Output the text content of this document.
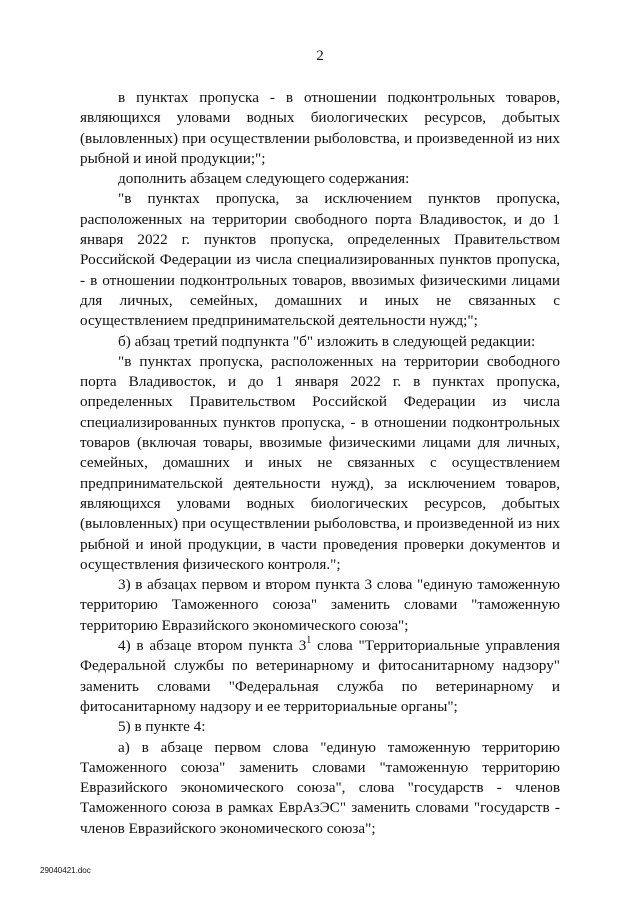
2

в пунктах пропуска - в отношении подконтрольных товаров, являющихся уловами водных биологических ресурсов, добытых (выловленных) при осуществлении рыболовства, и произведенной из них рыбной и иной продукции;";

дополнить абзацем следующего содержания:

"в пунктах пропуска, за исключением пунктов пропуска, расположенных на территории свободного порта Владивосток, и до 1 января 2022 г. пунктов пропуска, определенных Правительством Российской Федерации из числа специализированных пунктов пропуска, - в отношении подконтрольных товаров, ввозимых физическими лицами для личных, семейных, домашних и иных не связанных с осуществлением предпринимательской деятельности нужд;";

б) абзац третий подпункта "б" изложить в следующей редакции:

"в пунктах пропуска, расположенных на территории свободного порта Владивосток, и до 1 января 2022 г. в пунктах пропуска, определенных Правительством Российской Федерации из числа специализированных пунктов пропуска, - в отношении подконтрольных товаров (включая товары, ввозимые физическими лицами для личных, семейных, домашних и иных не связанных с осуществлением предпринимательской деятельности нужд), за исключением товаров, являющихся уловами водных биологических ресурсов, добытых (выловленных) при осуществлении рыболовства, и произведенной из них рыбной и иной продукции, в части проведения проверки документов и осуществления физического контроля.";

3) в абзацах первом и втором пункта 3 слова "единую таможенную территорию Таможенного союза" заменить словами "таможенную территорию Евразийского экономического союза";

4) в абзаце втором пункта $3^1$ слова "Территориальные управления Федеральной службы по ветеринарному и фитосанитарному надзору" заменить словами "Федеральная служба по ветеринарному и фитосанитарному надзору и ее территориальные органы";

5) в пункте 4:

а) в абзаце первом слова "единую таможенную территорию Таможенного союза" заменить словами "таможенную территорию Евразийского экономического союза", слова "государств - членов Таможенного союза в рамках ЕврАзЭС" заменить словами "государств - членов Евразийского экономического союза";

29040421.doc
